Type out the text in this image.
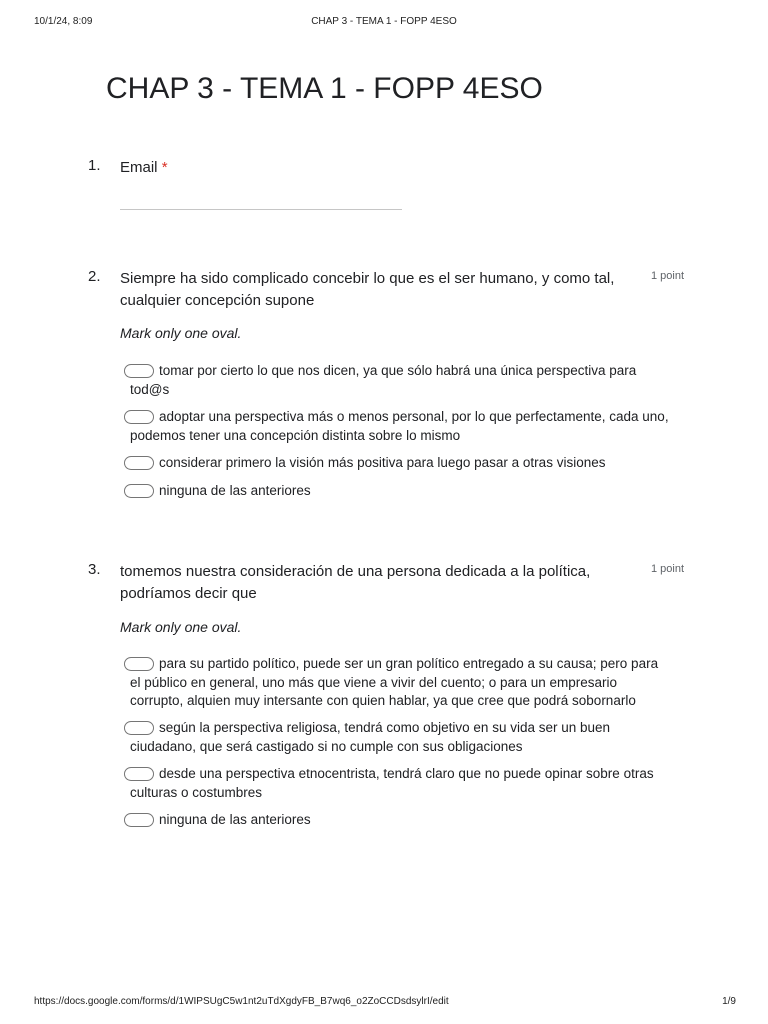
10/1/24, 8:09	CHAP 3 - TEMA 1 - FOPP 4ESO
CHAP 3 - TEMA 1 - FOPP 4ESO
1. Email *
2. Siempre ha sido complicado concebir lo que es el ser humano, y como tal, cualquier concepción supone
1 point
Mark only one oval.
tomar por cierto lo que nos dicen, ya que sólo habrá una única perspectiva para tod@s
adoptar una perspectiva más o menos personal, por lo que perfectamente, cada uno, podemos tener una concepción distinta sobre lo mismo
considerar primero la visión más positiva para luego pasar a otras visiones
ninguna de las anteriores
3. tomemos nuestra consideración de una persona dedicada a la política, podríamos decir que
1 point
Mark only one oval.
para su partido político, puede ser un gran político entregado a su causa; pero para el público en general, uno más que viene a vivir del cuento; o para un empresario corrupto, alquien muy intersante con quien hablar, ya que cree que podrá sobornarlo
según la perspectiva religiosa, tendrá como objetivo en su vida ser un buen ciudadano, que será castigado si no cumple con sus obligaciones
desde una perspectiva etnocentrista, tendrá claro que no puede opinar sobre otras culturas o costumbres
ninguna de las anteriores
https://docs.google.com/forms/d/1WIPSUgC5w1nt2uTdXgdyFB_B7wq6_o2ZoCCDsdsylrI/edit	1/9
